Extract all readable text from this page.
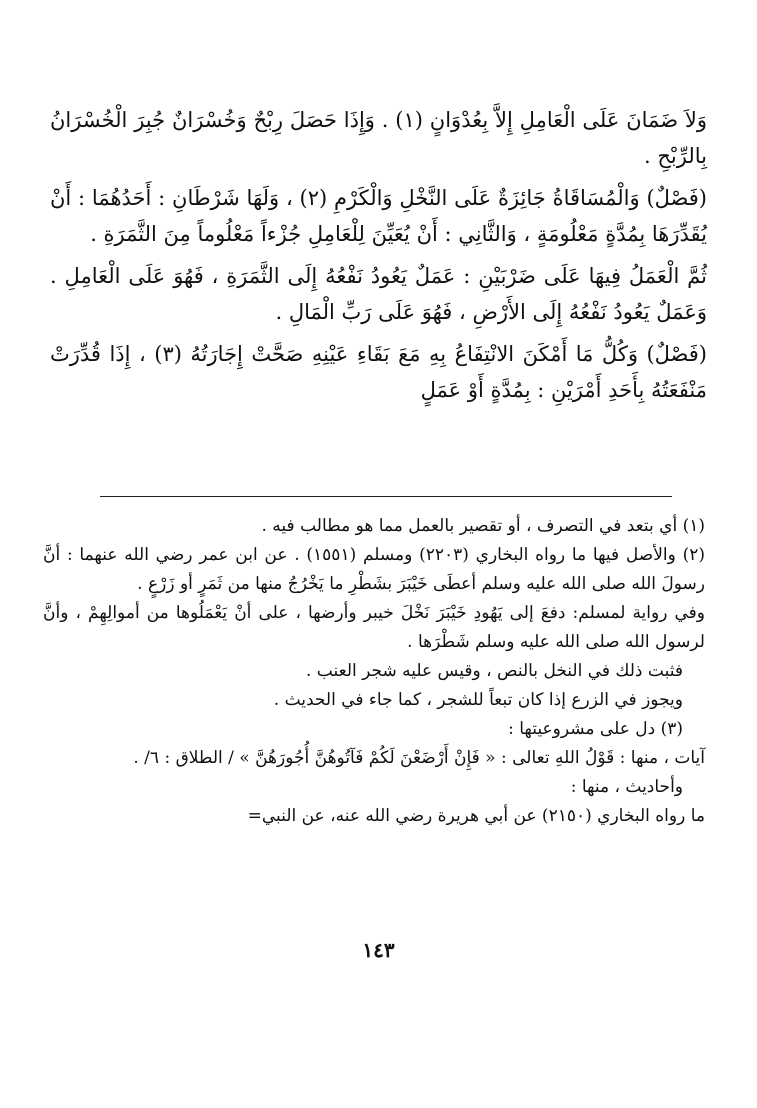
وَلاَ ضَمَانَ عَلَى الْعَامِلِ إِلاَّ بِعُدْوَانٍ (١) . وَإِذَا حَصَلَ رِبْحٌ وَخُسْرَانٌ جُبِرَ الْخُسْرَانُ بِالرِّبْحِ .

(فَصْلٌ) وَالْمُسَاقَاةُ جَائِزَةٌ عَلَى النَّخْلِ وَالْكَرْمِ (٢) ، وَلَهَا شَرْطَانِ : أَحَدُهُمَا : أَنْ يُقَدِّرَهَا بِمُدَّةٍ مَعْلُومَةٍ ، وَالثَّانِي : أَنْ يُعَيِّنَ لِلْعَامِلِ جُزْءاً مَعْلُوماً مِنَ الثَّمَرَةِ .

ثُمَّ الْعَمَلُ فِيهَا عَلَى ضَرْبَيْنِ : عَمَلٌ يَعُودُ نَفْعُهُ إِلَى الثَّمَرَةِ ، فَهُوَ عَلَى الْعَامِلِ . وَعَمَلٌ يَعُودُ نَفْعُهُ إِلَى الأَرْضِ ، فَهُوَ عَلَى رَبِّ الْمَالِ .

(فَصْلٌ) وَكُلُّ مَا أَمْكَنَ الانْتِفَاعُ بِهِ مَعَ بَقَاءِ عَيْنِهِ صَحَّتْ إِجَارَتُهُ (٣) ، إِذَا قُدِّرَتْ مَنْفَعَتُهُ بِأَحَدِ أَمْرَيْنِ : بِمُدَّةٍ أَوْ عَمَلٍ

(١) أي بتعد في التصرف ، أو تقصير بالعمل مما هو مطالب فيه .

(٢) والأصل فيها ما رواه البخاري (٢٢٠٣) ومسلم (١٥٥١) . عن ابن عمر رضي الله عنهما : أنَّ رسولَ الله صلى الله عليه وسلم أعطَى خَيْبَرَ بشَطْرِ ما يَخْرُجُ منها من ثَمَرٍ أو زَرْعٍ .

وفي رواية لمسلم: دفعَ إلى يَهُودِ خَيْبَرَ نَخْلَ خيبر وأرضها ، على أنْ يَعْمَلُوها من أموالِهِمْ ، وأنَّ لرسول الله صلى الله عليه وسلم شَطْرَها .

فثبت ذلك في النخل بالنص ، وقيس عليه شجر العنب .

ويجوز في الزرع إذا كان تبعاً للشجر ، كما جاء في الحديث .

(٣) دل على مشروعيتها :

آيات ، منها : قَوْلُ اللهِ تعالى : « فَإِنْ أَرْضَعْنَ لَكُمْ فَآتُوهُنَّ أُجُورَهُنَّ » / الطلاق : ٦/ .

وأحاديث ، منها :

ما رواه البخاري (٢١٥٠) عن أبي هريرة رضي الله عنه، عن النبي=

١٤٣
